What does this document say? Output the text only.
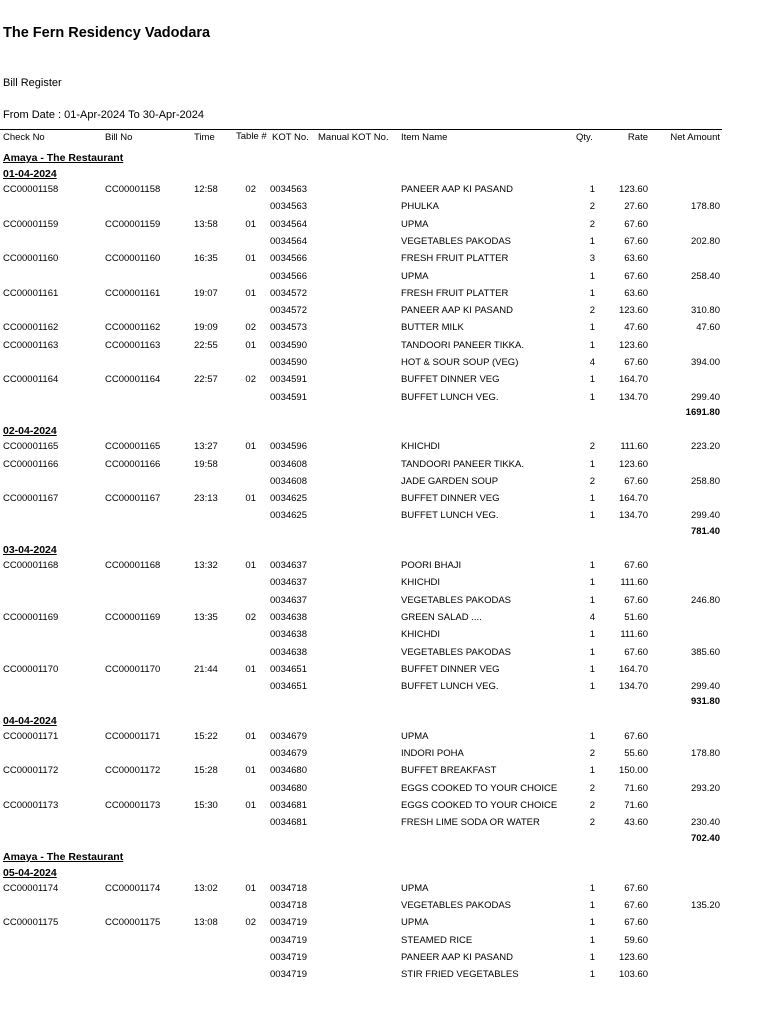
The Fern Residency Vadodara
Bill Register
From Date : 01-Apr-2024 To 30-Apr-2024
Check No	Bill No	Time Table # KOT No. Manual KOT No. Item Name	Qty.	Rate	Net Amount
Amaya - The Restaurant
01-04-2024
CC00001158	CC00001158	12:58	02 0034563	PANEER AAP KI PASAND	1	123.60
0034563	PHULKA	2	27.60	178.80
CC00001159	CC00001159	13:58	01 0034564	UPMA	2	67.60
0034564	VEGETABLES PAKODAS	1	67.60	202.80
CC00001160	CC00001160	16:35	01 0034566	FRESH FRUIT PLATTER	3	63.60
0034566	UPMA	1	67.60	258.40
CC00001161	CC00001161	19:07	01 0034572	FRESH FRUIT PLATTER	1	63.60
0034572	PANEER AAP KI PASAND	2	123.60	310.80
CC00001162	CC00001162	19:09	02 0034573	BUTTER MILK	1	47.60	47.60
CC00001163	CC00001163	22:55	01 0034590	TANDOORI PANEER TIKKA.	1	123.60
0034590	HOT & SOUR SOUP (VEG)	4	67.60	394.00
CC00001164	CC00001164	22:57	02 0034591	BUFFET DINNER VEG	1	164.70
0034591	BUFFET LUNCH VEG.	1	134.70	299.40
1691.80
02-04-2024
CC00001165	CC00001165	13:27	01 0034596	KHICHDI	2	111.60	223.20
CC00001166	CC00001166	19:58	0034608	TANDOORI PANEER TIKKA.	1	123.60
0034608	JADE GARDEN SOUP	2	67.60	258.80
CC00001167	CC00001167	23:13	01 0034625	BUFFET DINNER VEG	1	164.70
0034625	BUFFET LUNCH VEG.	1	134.70	299.40
781.40
03-04-2024
CC00001168	CC00001168	13:32	01 0034637	POORI BHAJI	1	67.60
0034637	KHICHDI	1	111.60
0034637	VEGETABLES PAKODAS	1	67.60	246.80
CC00001169	CC00001169	13:35	02 0034638	GREEN SALAD ....	4	51.60
0034638	KHICHDI	1	111.60
0034638	VEGETABLES PAKODAS	1	67.60	385.60
CC00001170	CC00001170	21:44	01 0034651	BUFFET DINNER VEG	1	164.70
0034651	BUFFET LUNCH VEG.	1	134.70	299.40
931.80
04-04-2024
CC00001171	CC00001171	15:22	01 0034679	UPMA	1	67.60
0034679	INDORI POHA	2	55.60	178.80
CC00001172	CC00001172	15:28	01 0034680	BUFFET BREAKFAST	1	150.00
0034680	EGGS COOKED TO YOUR CHOICE	2	71.60	293.20
CC00001173	CC00001173	15:30	01 0034681	EGGS COOKED TO YOUR CHOICE	2	71.60
0034681	FRESH LIME SODA OR WATER	2	43.60	230.40
702.40
Amaya - The Restaurant
05-04-2024
CC00001174	CC00001174	13:02	01 0034718	UPMA	1	67.60
0034718	VEGETABLES PAKODAS	1	67.60	135.20
CC00001175	CC00001175	13:08	02 0034719	UPMA	1	67.60
0034719	STEAMED RICE	1	59.60
0034719	PANEER AAP KI PASAND	1	123.60
0034719	STIR FRIED VEGETABLES	1	103.60
